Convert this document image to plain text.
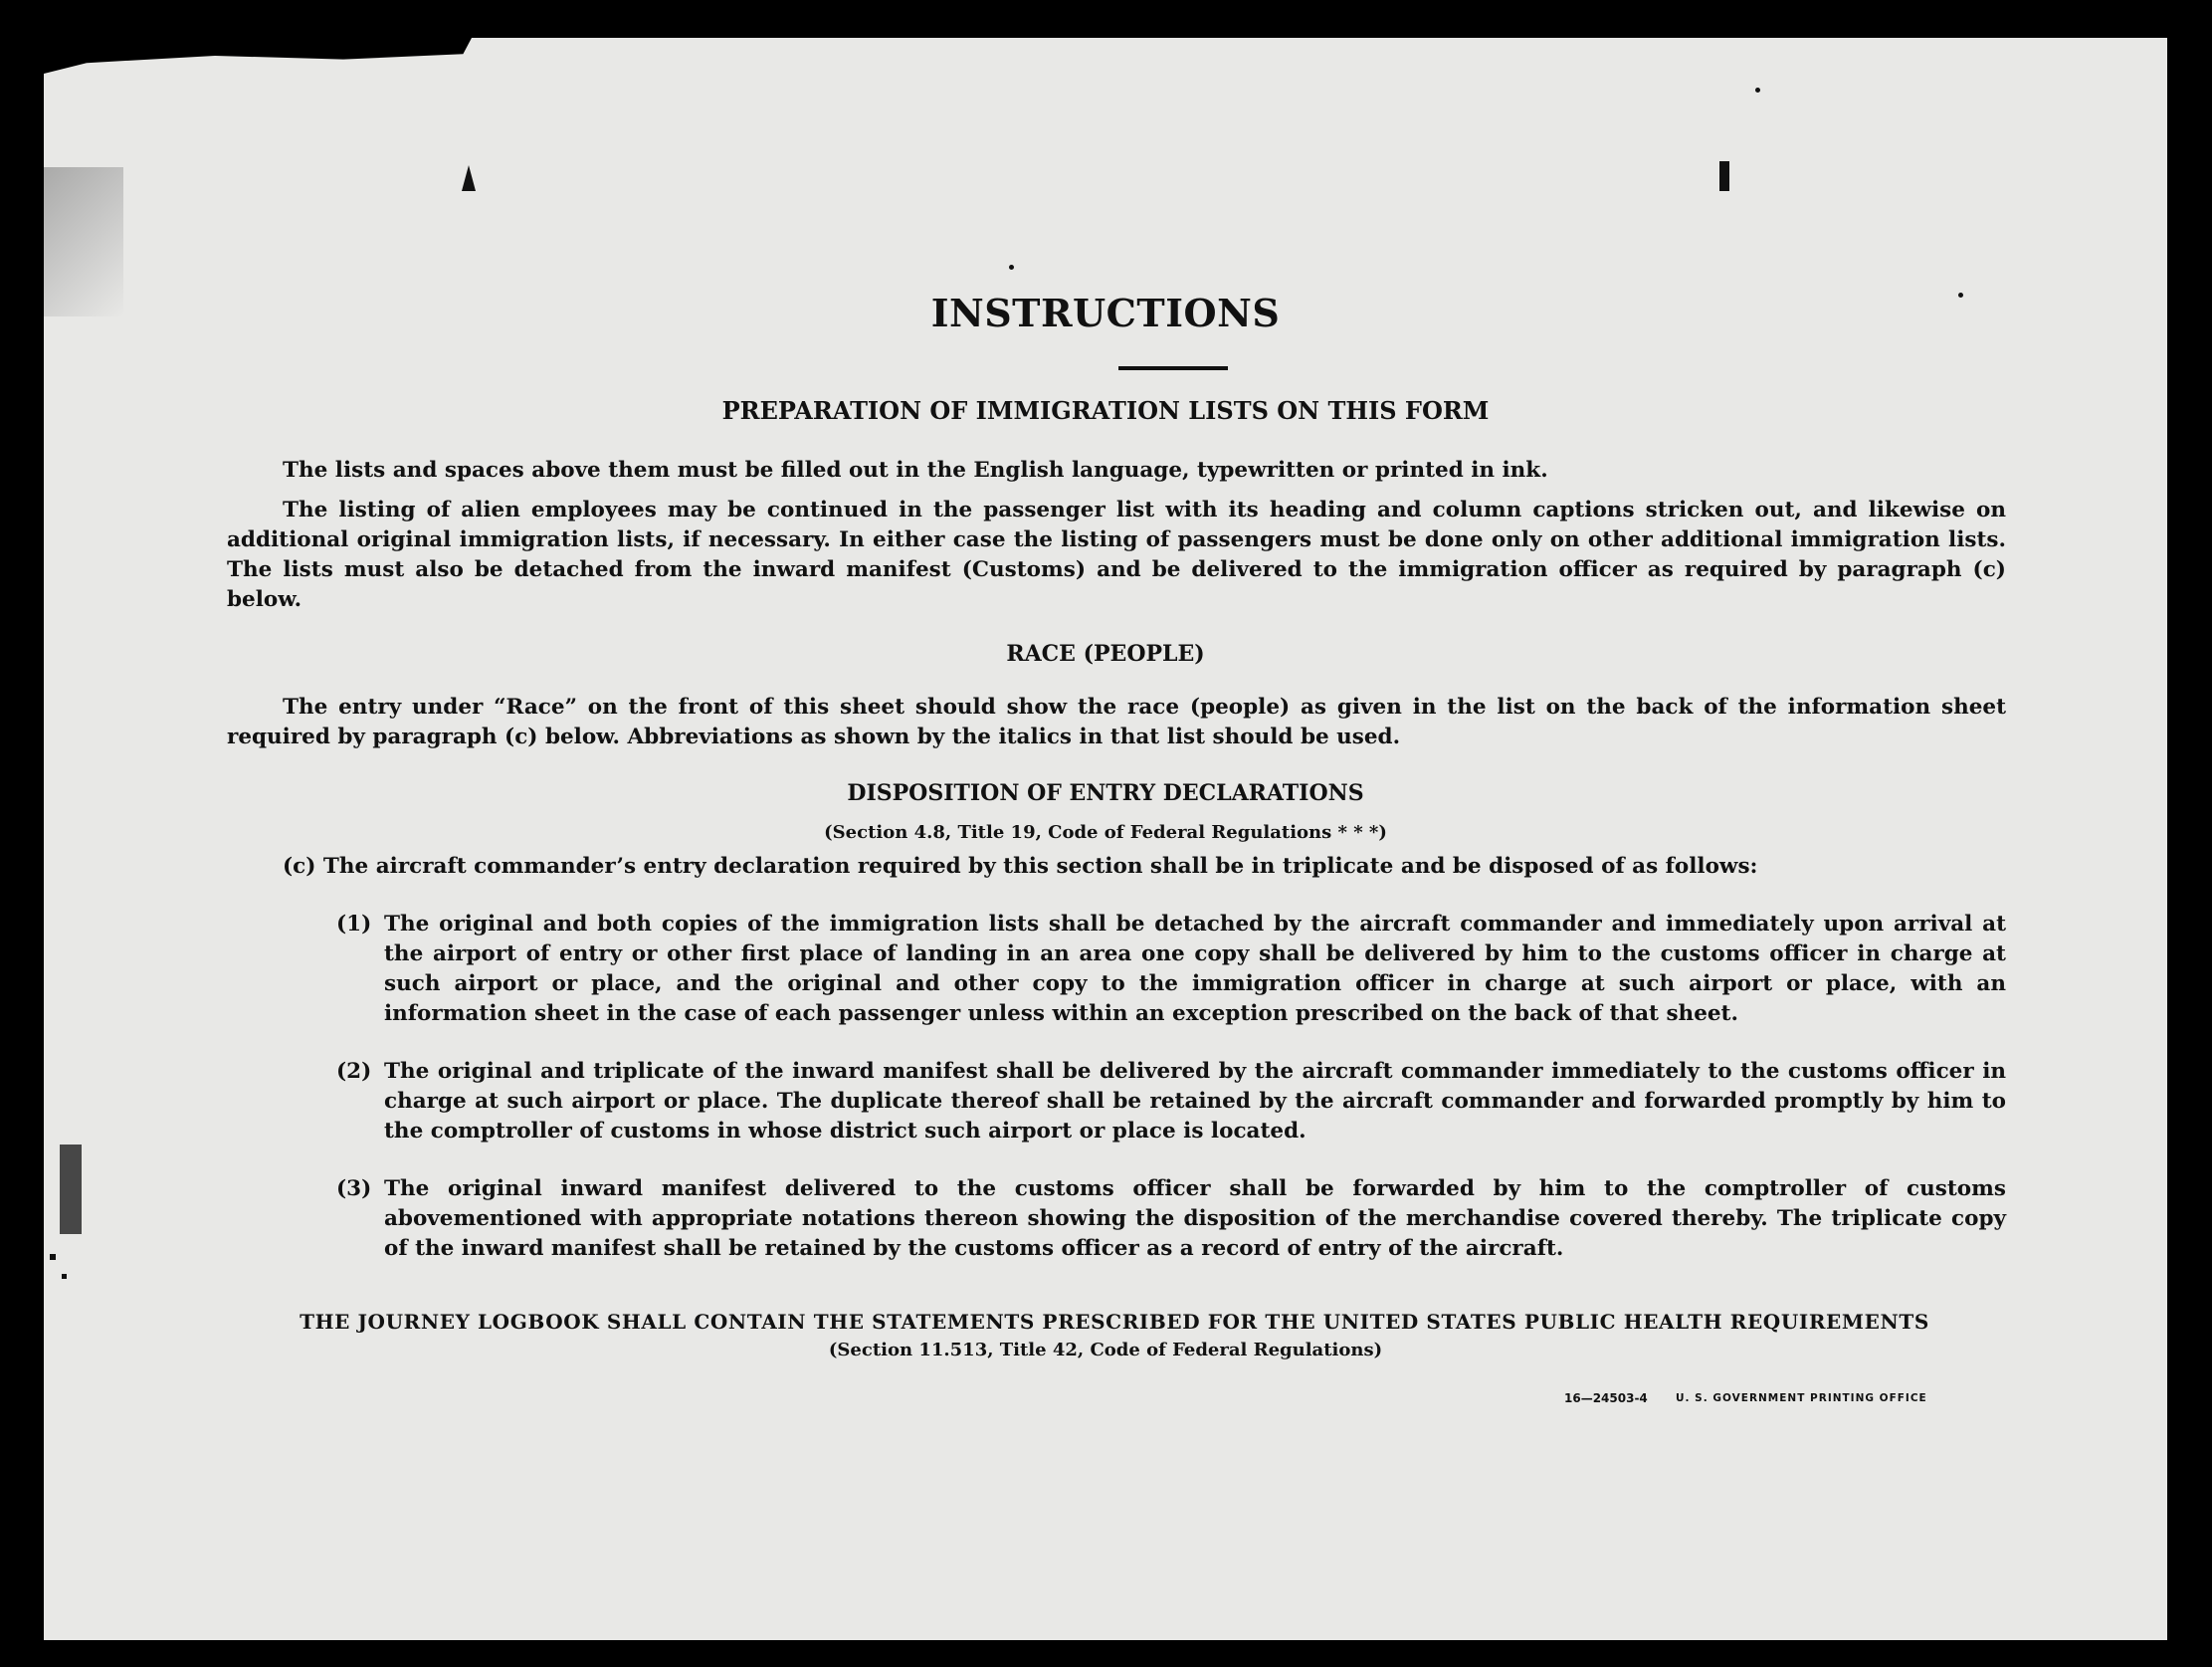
INSTRUCTIONS
PREPARATION OF IMMIGRATION LISTS ON THIS FORM

The lists and spaces above them must be filled out in the English language, typewritten or printed in ink.

The listing of alien employees may be continued in the passenger list with its heading and column captions stricken out, and likewise on additional original immigration lists, if necessary. In either case the listing of passengers must be done only on other additional immigration lists. The lists must also be detached from the inward manifest (Customs) and be delivered to the immigration officer as required by paragraph (c) below.

RACE (PEOPLE)

The entry under “Race” on the front of this sheet should show the race (people) as given in the list on the back of the information sheet required by paragraph (c) below. Abbreviations as shown by the italics in that list should be used.

DISPOSITION OF ENTRY DECLARATIONS
(Section 4.8, Title 19, Code of Federal Regulations * * *)

(c) The aircraft commander’s entry declaration required by this section shall be in triplicate and be disposed of as follows:

(1) The original and both copies of the immigration lists shall be detached by the aircraft commander and immediately upon arrival at the airport of entry or other first place of landing in an area one copy shall be delivered by him to the customs officer in charge at such airport or place, and the original and other copy to the immigration officer in charge at such airport or place, with an information sheet in the case of each passenger unless within an exception prescribed on the back of that sheet.

(2) The original and triplicate of the inward manifest shall be delivered by the aircraft commander immediately to the customs officer in charge at such airport or place. The duplicate thereof shall be retained by the aircraft commander and forwarded promptly by him to the comptroller of customs in whose district such airport or place is located.

(3) The original inward manifest delivered to the customs officer shall be forwarded by him to the comptroller of customs abovementioned with appropriate notations thereon showing the disposition of the merchandise covered thereby. The triplicate copy of the inward manifest shall be retained by the customs officer as a record of entry of the aircraft.

THE JOURNEY LOGBOOK SHALL CONTAIN THE STATEMENTS PRESCRIBED FOR THE UNITED STATES PUBLIC HEALTH REQUIREMENTS
(Section 11.513, Title 42, Code of Federal Regulations)
16—24503-4	U. S. GOVERNMENT PRINTING OFFICE
